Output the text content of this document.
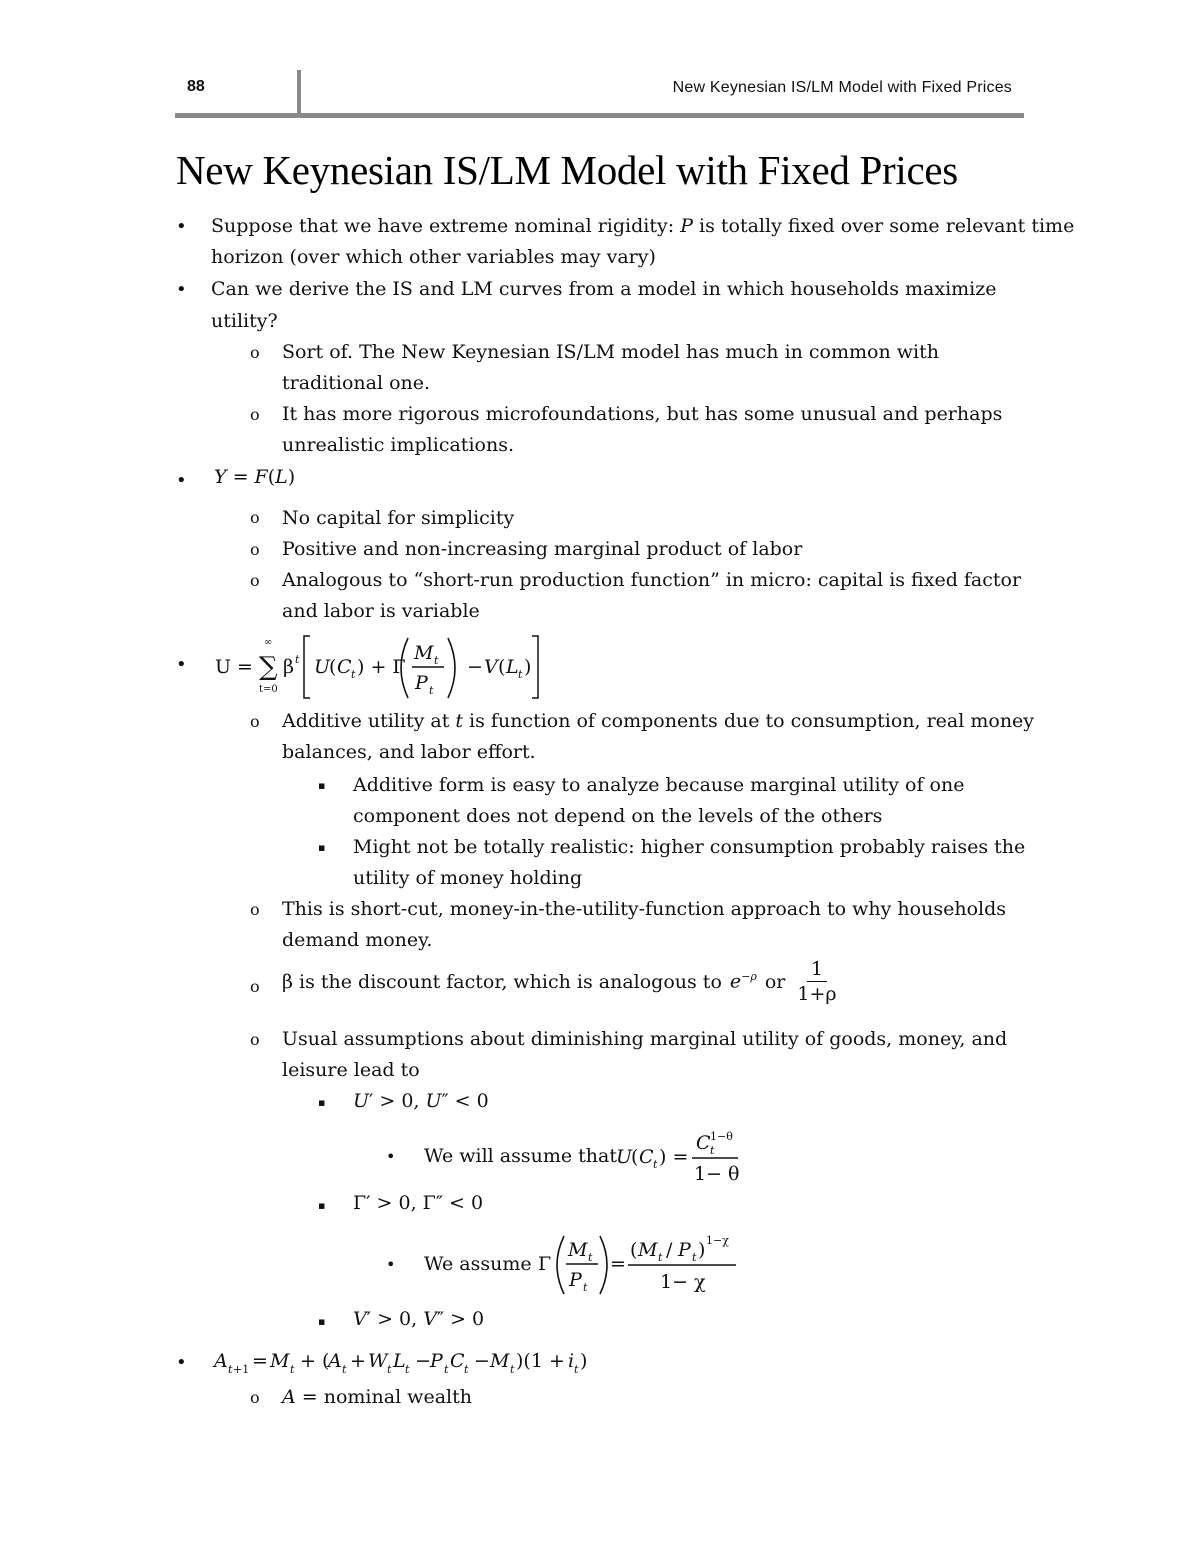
88	New Keynesian IS/LM Model with Fixed Prices
New Keynesian IS/LM Model with Fixed Prices
• Suppose that we have extreme nominal rigidity: P is totally fixed over some relevant time
horizon (over which other variables may vary)
• Can we derive the IS and LM curves from a model in which households maximize
utility?
o Sort of. The New Keynesian IS/LM model has much in common with
traditional one.
o It has more rigorous microfoundations, but has some unusual and perhaps
unrealistic implications.
• Y = F(L)
o No capital for simplicity
o Positive and non-increasing marginal product of labor
o Analogous to “short-run production function” in micro: capital is fixed factor
and labor is variable
• U =
∞
∑
t=0
β t U
( C t ) + Γ
M t
P t
− V ( L t )
o Additive utility at t is function of components due to consumption, real money
balances, and labor effort.
▪ Additive form is easy to analyze because marginal utility of one
component does not depend on the levels of the others
▪ Might not be totally realistic: higher consumption probably raises the
utility of money holding
o This is short-cut, money-in-the-utility-function approach to why households
demand money.
o β is the discount factor, which is analogous to $e^{-\rho}$ or $\frac{1}{1+\rho}$
o Usual assumptions about diminishing marginal utility of goods, money, and
leisure lead to
▪ U′ > 0, U″ < 0
• We will assume that U
( C t ) =
C 1−θ
t
1− θ
▪ Γ′ > 0, Γ″ < 0
• We assume Γ
M t
P t
=
( M t / P t ) 1−χ
1− χ
▪ V′ > 0, V″ > 0
• A t +1 = M t + (
A t + W t L t − P t C t − M t )(1 + i t )
o A = nominal wealth
